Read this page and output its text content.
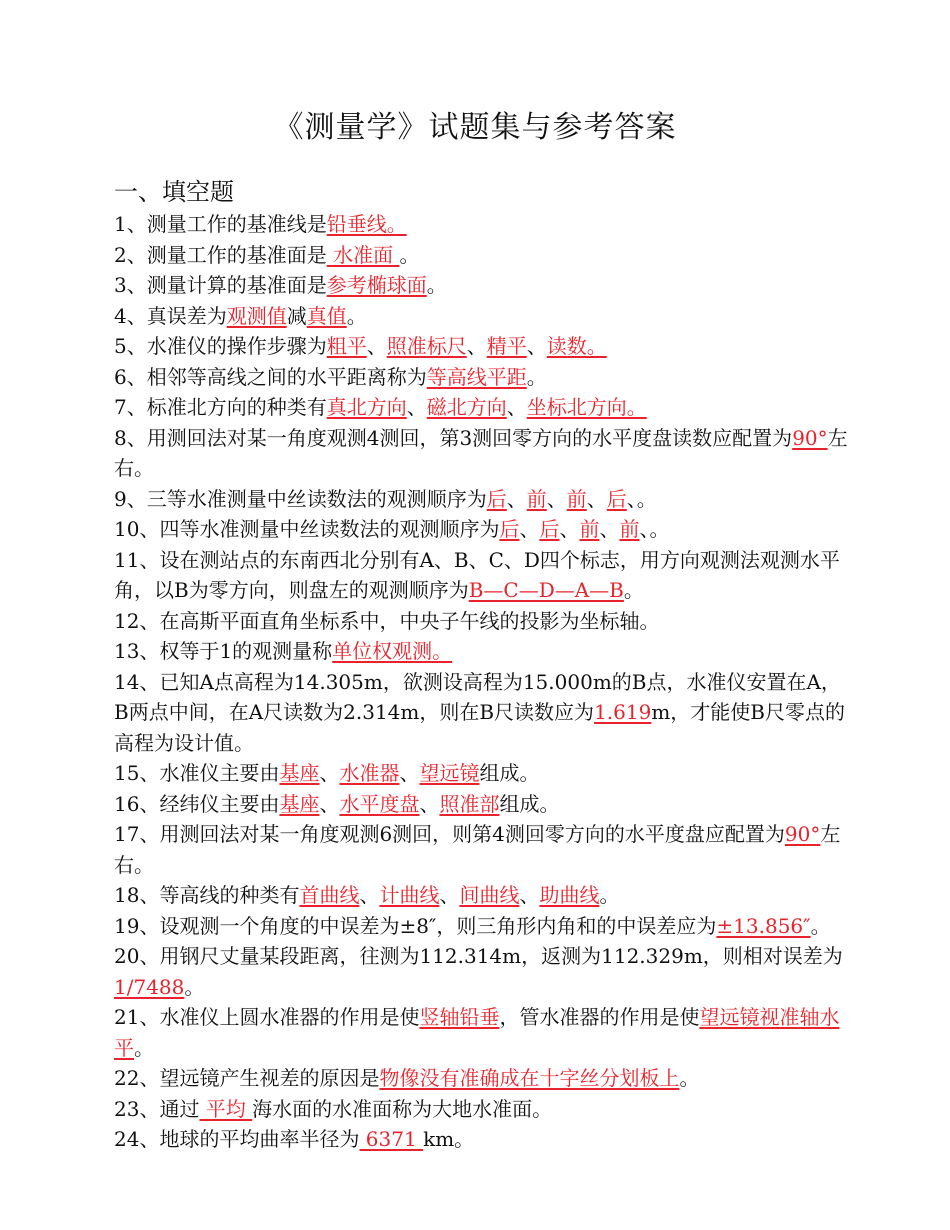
《测量学》试题集与参考答案
一、填空题

1、测量工作的基准线是铅垂线。

2、测量工作的基准面是 水准面 。

3、测量计算的基准面是参考椭球面。

4、真误差为观测值减真值。

5、水准仪的操作步骤为粗平、照准标尺、精平、读数。

6、相邻等高线之间的水平距离称为等高线平距。

7、标准北方向的种类有真北方向、磁北方向、坐标北方向。

8、用测回法对某一角度观测4测回，第3测回零方向的水平度盘读数应配置为90°左右。

9、三等水准测量中丝读数法的观测顺序为后、前、前、后、。

10、四等水准测量中丝读数法的观测顺序为后、后、前、前、。

11、设在测站点的东南西北分别有A、B、C、D四个标志，用方向观测法观测水平角，以B为零方向，则盘左的观测顺序为B—C—D—A—B。

12、在高斯平面直角坐标系中，中央子午线的投影为坐标轴。

13、权等于1的观测量称单位权观测。

14、已知A点高程为14.305m，欲测设高程为15.000m的B点，水准仪安置在A，B两点中间，在A尺读数为2.314m，则在B尺读数应为1.619m，才能使B尺零点的高程为设计值。

15、水准仪主要由基座、水准器、望远镜组成。

16、经纬仪主要由基座、水平度盘、照准部组成。

17、用测回法对某一角度观测6测回，则第4测回零方向的水平度盘应配置为90°左右。

18、等高线的种类有首曲线、计曲线、间曲线、助曲线。

19、设观测一个角度的中误差为±8″，则三角形内角和的中误差应为±13.856″。

20、用钢尺丈量某段距离，往测为112.314m，返测为112.329m，则相对误差为1/7488。

21、水准仪上圆水准器的作用是使竖轴铅垂，管水准器的作用是使望远镜视准轴水平。

22、望远镜产生视差的原因是物像没有准确成在十字丝分划板上。

23、通过 平均 海水面的水准面称为大地水准面。

24、地球的平均曲率半径为 6371 km。
